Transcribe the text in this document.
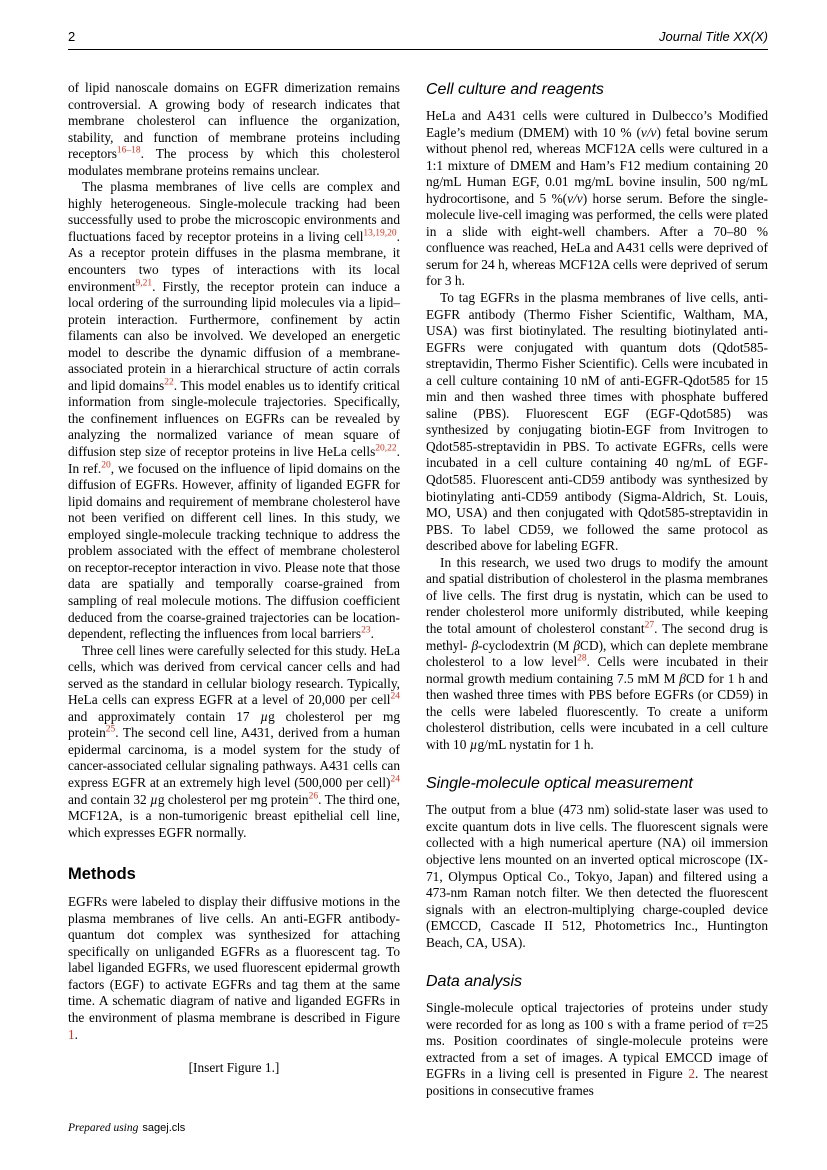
2	Journal Title XX(X)

of lipid nanoscale domains on EGFR dimerization remains controversial. A growing body of research indicates that membrane cholesterol can influence the organization, stability, and function of membrane proteins including receptors$^{16-18}$. The process by which this cholesterol modulates membrane proteins remains unclear.

The plasma membranes of live cells are complex and highly heterogeneous. Single-molecule tracking had been successfully used to probe the microscopic environments and fluctuations faced by receptor proteins in a living cell$^{13,19,20}$. As a receptor protein diffuses in the plasma membrane, it encounters two types of interactions with its local environment$^{9,21}$. Firstly, the receptor protein can induce a local ordering of the surrounding lipid molecules via a lipid–protein interaction. Furthermore, confinement by actin filaments can also be involved. We developed an energetic model to describe the dynamic diffusion of a membrane-associated protein in a hierarchical structure of actin corrals and lipid domains$^{22}$. This model enables us to identify critical information from single-molecule trajectories. Specifically, the confinement influences on EGFRs can be revealed by analyzing the normalized variance of mean square of diffusion step size of receptor proteins in live HeLa cells$^{20,22}$. In ref.$^{20}$, we focused on the influence of lipid domains on the diffusion of EGFRs. However, affinity of liganded EGFR for lipid domains and requirement of membrane cholesterol have not been verified on different cell lines. In this study, we employed single-molecule tracking technique to address the problem associated with the effect of membrane cholesterol on receptor-receptor interaction in vivo. Please note that those data are spatially and temporally coarse-grained from sampling of real molecule motions. The diffusion coefficient deduced from the coarse-grained trajectories can be location-dependent, reflecting the influences from local barriers$^{23}$.

Three cell lines were carefully selected for this study. HeLa cells, which was derived from cervical cancer cells and had served as the standard in cellular biology research. Typically, HeLa cells can express EGFR at a level of 20,000 per cell$^{24}$ and approximately contain 17 µg cholesterol per mg protein$^{25}$. The second cell line, A431, derived from a human epidermal carcinoma, is a model system for the study of cancer-associated cellular signaling pathways. A431 cells can express EGFR at an extremely high level (500,000 per cell)$^{24}$ and contain 32 µg cholesterol per mg protein$^{26}$. The third one, MCF12A, is a non-tumorigenic breast epithelial cell line, which expresses EGFR normally.

Methods

EGFRs were labeled to display their diffusive motions in the plasma membranes of live cells. An anti-EGFR antibody-quantum dot complex was synthesized for attaching specifically on unliganded EGFRs as a fluorescent tag. To label liganded EGFRs, we used fluorescent epidermal growth factors (EGF) to activate EGFRs and tag them at the same time. A schematic diagram of native and liganded EGFRs in the environment of plasma membrane is described in Figure 1.

[Insert Figure 1.]

Cell culture and reagents

HeLa and A431 cells were cultured in Dulbecco’s Modified Eagle’s medium (DMEM) with 10 % (v/v) fetal bovine serum without phenol red, whereas MCF12A cells were cultured in a 1:1 mixture of DMEM and Ham’s F12 medium containing 20 ng/mL Human EGF, 0.01 mg/mL bovine insulin, 500 ng/mL hydrocortisone, and 5 %(v/v) horse serum. Before the single-molecule live-cell imaging was performed, the cells were plated in a slide with eight-well chambers. After a 70–80 % confluence was reached, HeLa and A431 cells were deprived of serum for 24 h, whereas MCF12A cells were deprived of serum for 3 h.

To tag EGFRs in the plasma membranes of live cells, anti-EGFR antibody (Thermo Fisher Scientific, Waltham, MA, USA) was first biotinylated. The resulting biotinylated anti-EGFRs were conjugated with quantum dots (Qdot585-streptavidin, Thermo Fisher Scientific). Cells were incubated in a cell culture containing 10 nM of anti-EGFR-Qdot585 for 15 min and then washed three times with phosphate buffered saline (PBS). Fluorescent EGF (EGF-Qdot585) was synthesized by conjugating biotin-EGF from Invitrogen to Qdot585-streptavidin in PBS. To activate EGFRs, cells were incubated in a cell culture containing 40 ng/mL of EGF-Qdot585. Fluorescent anti-CD59 antibody was synthesized by biotinylating anti-CD59 antibody (Sigma-Aldrich, St. Louis, MO, USA) and then conjugated with Qdot585-streptavidin in PBS. To label CD59, we followed the same protocol as described above for labeling EGFR.

In this research, we used two drugs to modify the amount and spatial distribution of cholesterol in the plasma membranes of live cells. The first drug is nystatin, which can be used to render cholesterol more uniformly distributed, while keeping the total amount of cholesterol constant$^{27}$. The second drug is methyl- β-cyclodextrin (M βCD), which can deplete membrane cholesterol to a low level$^{28}$. Cells were incubated in their normal growth medium containing 7.5 mM M βCD for 1 h and then washed three times with PBS before EGFRs (or CD59) in the cells were labeled fluorescently. To create a uniform cholesterol distribution, cells were incubated in a cell culture with 10 µg/mL nystatin for 1 h.

Single-molecule optical measurement

The output from a blue (473 nm) solid-state laser was used to excite quantum dots in live cells. The fluorescent signals were collected with a high numerical aperture (NA) oil immersion objective lens mounted on an inverted optical microscope (IX-71, Olympus Optical Co., Tokyo, Japan) and filtered using a 473-nm Raman notch filter. We then detected the fluorescent signals with an electron-multiplying charge-coupled device (EMCCD, Cascade II 512, Photometrics Inc., Huntington Beach, CA, USA).

Data analysis

Single-molecule optical trajectories of proteins under study were recorded for as long as 100 s with a frame period of τ=25 ms. Position coordinates of single-molecule proteins were extracted from a set of images. A typical EMCCD image of EGFRs in a living cell is presented in Figure 2. The nearest positions in consecutive frames

Prepared using sagej.cls
